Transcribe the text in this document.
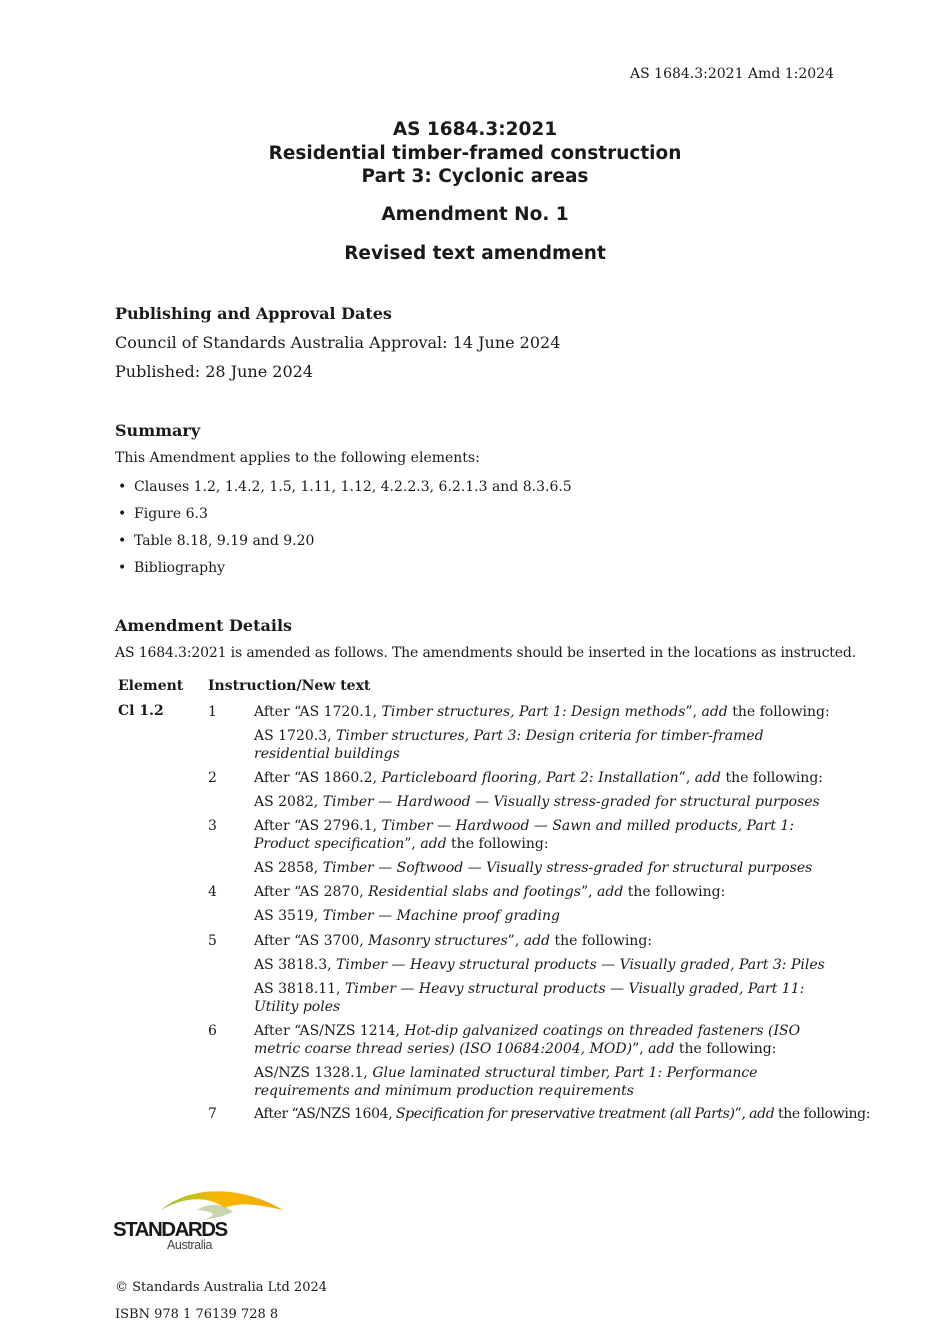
AS 1684.3:2021 Amd 1:2024
AS 1684.3:2021
Residential timber-framed construction
Part 3: Cyclonic areas
Amendment No. 1
Revised text amendment
Publishing and Approval Dates
Council of Standards Australia Approval: 14 June 2024
Published: 28 June 2024
Summary
This Amendment applies to the following elements:
• Clauses 1.2, 1.4.2, 1.5, 1.11, 1.12, 4.2.2.3, 6.2.1.3 and 8.3.6.5
• Figure 6.3
• Table 8.18, 9.19 and 9.20
• Bibliography
Amendment Details
AS 1684.3:2021 is amended as follows. The amendments should be inserted in the locations as instructed.
Element Instruction/New text
Cl 1.2	1	After “AS 1720.1, Timber structures, Part 1: Design methods”, add the following:
AS 1720.3, Timber structures, Part 3: Design criteria for timber-framed residential buildings
2	After “AS 1860.2, Particleboard flooring, Part 2: Installation”, add the following:
AS 2082, Timber — Hardwood — Visually stress-graded for structural purposes
3	After “AS 2796.1, Timber — Hardwood — Sawn and milled products, Part 1: Product specification”, add the following:
AS 2858, Timber — Softwood — Visually stress-graded for structural purposes
4	After “AS 2870, Residential slabs and footings”, add the following:
AS 3519, Timber — Machine proof grading
5	After “AS 3700, Masonry structures”, add the following:
AS 3818.3, Timber — Heavy structural products — Visually graded, Part 3: Piles
AS 3818.11, Timber — Heavy structural products — Visually graded, Part 11: Utility poles
6	After “AS/NZS 1214, Hot-dip galvanized coatings on threaded fasteners (ISO metric coarse thread series) (ISO 10684:2004, MOD)”, add the following:
AS/NZS 1328.1, Glue laminated structural timber, Part 1: Performance requirements and minimum production requirements
7	After “AS/NZS 1604, Specification for preservative treatment (all Parts)”, add the following:
STANDARDS
Australia
© Standards Australia Ltd 2024
ISBN 978 1 76139 728 8
